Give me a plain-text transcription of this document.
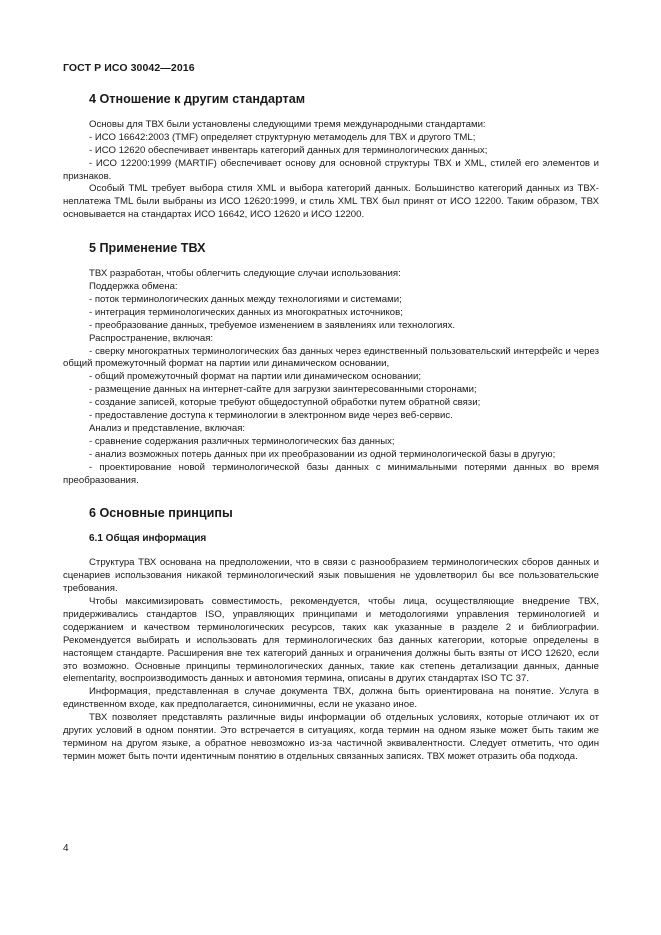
ГОСТ Р ИСО 30042—2016

4 Отношение к другим стандартам

Основы для ТВХ были установлены следующими тремя международными стандартами:

- ИСО 16642:2003 (TMF) определяет структурную метамодель для ТВХ и другого TML;

- ИСО 12620 обеспечивает инвентарь категорий данных для терминологических данных;

- ИСО 12200:1999 (MARTIF) обеспечивает основу для основной структуры ТВХ и XML, стилей его элементов и признаков.

Особый TML требует выбора стиля XML и выбора категорий данных. Большинство категорий данных из ТВХ-неплатежа TML были выбраны из ИСО 12620:1999, и стиль XML ТВХ был принят от ИСО 12200. Таким образом, ТВХ основывается на стандартах ИСО 16642, ИСО 12620 и ИСО 12200.

5 Применение ТВХ

ТВХ разработан, чтобы облегчить следующие случаи использования:

Поддержка обмена:

- поток терминологических данных между технологиями и системами;

- интеграция терминологических данных из многократных источников;

- преобразование данных, требуемое изменением в заявлениях или технологиях.

Распространение, включая:

- сверку многократных терминологических баз данных через единственный пользовательский интерфейс и через общий промежуточный формат на партии или динамическом основании,

- общий промежуточный формат на партии или динамическом основании;

- размещение данных на интернет-сайте для загрузки заинтересованными сторонами;

- создание записей, которые требуют общедоступной обработки путем обратной связи;

- предоставление доступа к терминологии в электронном виде через веб-сервис.

Анализ и представление, включая:

- сравнение содержания различных терминологических баз данных;

- анализ возможных потерь данных при их преобразовании из одной терминологической базы в другую;

- проектирование новой терминологической базы данных с минимальными потерями данных во время преобразования.

6 Основные принципы

6.1 Общая информация

Структура ТВХ основана на предположении, что в связи с разнообразием терминологических сборов данных и сценариев использования никакой терминологический язык повышения не удовлетворил бы все пользовательские требования.

Чтобы максимизировать совместимость, рекомендуется, чтобы лица, осуществляющие внедрение ТВХ, придерживались стандартов ISO, управляющих принципами и методологиями управления терминологией и содержанием и качеством терминологических ресурсов, таких как указанные в разделе 2 и библиографии. Рекомендуется выбирать и использовать для терминологических баз данных категории, которые определены в настоящем стандарте. Расширения вне тех категорий данных и ограничения должны быть взяты от ИСО 12620, если это возможно. Основные принципы терминологических данных, такие как степень детализации данных, данные elementarity, воспроизводимость данных и автономия термина, описаны в других стандартах ISO ТС 37.

Информация, представленная в случае документа ТВХ, должна быть ориентирована на понятие. Услуга в единственном входе, как предполагается, синонимичны, если не указано иное.

ТВХ позволяет представлять различные виды информации об отдельных условиях, которые отличают их от других условий в одном понятии. Это встречается в ситуациях, когда термин на одном языке может быть таким же термином на другом языке, а обратное невозможно из-за частичной эквивалентности. Следует отметить, что один термин может быть почти идентичным понятию в отдельных связанных записях. ТВХ может отразить оба подхода.

4
